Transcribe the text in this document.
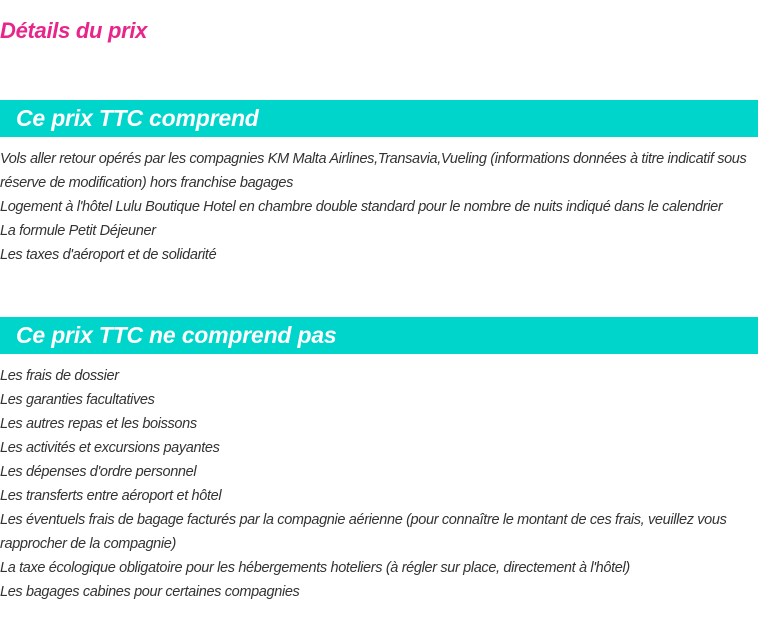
Détails du prix
Ce prix TTC comprend
Vols aller retour opérés par les compagnies KM Malta Airlines,Transavia,Vueling (informations données à titre indicatif sous réserve de modification) hors franchise bagages
Logement à l'hôtel Lulu Boutique Hotel en chambre double standard pour le nombre de nuits indiqué dans le calendrier
La formule Petit Déjeuner
Les taxes d'aéroport et de solidarité
Ce prix TTC ne comprend pas
Les frais de dossier
Les garanties facultatives
Les autres repas et les boissons
Les activités et excursions payantes
Les dépenses d'ordre personnel
Les transferts entre aéroport et hôtel
Les éventuels frais de bagage facturés par la compagnie aérienne (pour connaître le montant de ces frais, veuillez vous rapprocher de la compagnie)
La taxe écologique obligatoire pour les hébergements hoteliers (à régler sur place, directement à l'hôtel)
Les bagages cabines pour certaines compagnies
